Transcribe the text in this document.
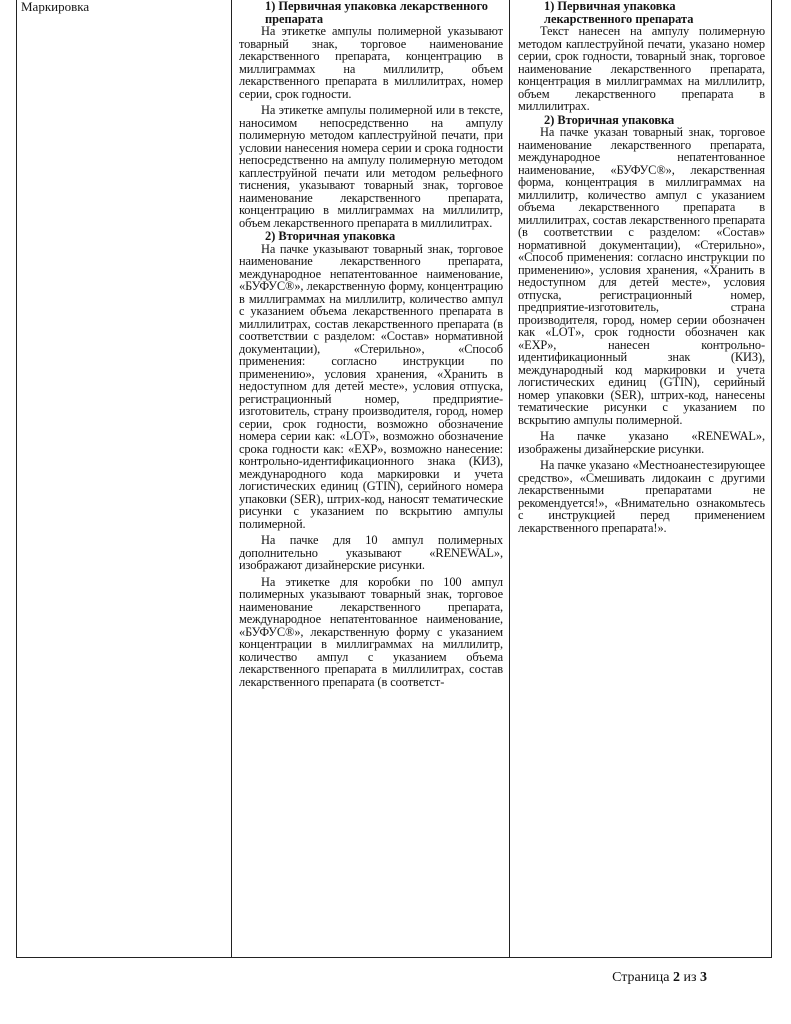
Маркировка	1) Первичная упаковка лекарственного препарата

На этикетке ампулы полимерной указывают товарный знак, торговое наименование лекарственного препарата, концентрацию в миллиграммах на миллилитр, объем лекарственного препарата в миллилитрах, номер серии, срок годности.

На этикетке ампулы полимерной или в тексте, наносимом непосредственно на ампулу полимерную методом каплеструйной печати, при условии нанесения номера серии и срока годности непосредственно на ампулу полимерную методом каплеструйной печати или методом рельефного тиснения, указывают товарный знак, торговое наименование лекарственного препарата, концентрацию в миллиграммах на миллилитр, объем лекарственного препарата в миллилитрах.

2) Вторичная упаковка

На пачке указывают товарный знак, торговое наименование лекарственного препарата, международное непатентованное наименование, «БУФУС®», лекарственную форму, концентрацию в миллиграммах на миллилитр, количество ампул с указанием объема лекарственного препарата в миллилитрах, состав лекарственного препарата (в соответствии с разделом: «Состав» нормативной документации), «Стерильно», «Способ применения: согласно инструкции по применению», условия хранения, «Хранить в недоступном для детей месте», условия отпуска, регистрационный номер, предприятие-изготовитель, страну производителя, город, номер серии, срок годности, возможно обозначение номера серии как: «LOT», возможно обозначение срока годности как: «EXP», возможно нанесение: контрольно-идентификационного знака (КИЗ), международного кода маркировки и учета логистических единиц (GTIN), серийного номера упаковки (SER), штрих-код, наносят тематические рисунки с указанием по вскрытию ампулы полимерной.

На пачке для 10 ампул полимерных дополнительно указывают «RENEWAL», изображают дизайнерские рисунки.

На этикетке для коробки по 100 ампул полимерных указывают товарный знак, торговое наименование лекарственного препарата, международное непатентованное наименование, «БУФУС®», лекарственную форму с указанием концентрации в миллиграммах на миллилитр, количество ампул с указанием объема лекарственного препарата в миллилитрах, состав лекарственного препарата (в соответст-

1) Первичная упаковка лекарственного препарата

Текст нанесен на ампулу полимерную методом каплеструйной печати, указано номер серии, срок годности, товарный знак, торговое наименование лекарственного препарата, концентрация в миллиграммах на миллилитр, объем лекарственного препарата в миллилитрах.

2) Вторичная упаковка

На пачке указан товарный знак, торговое наименование лекарственного препарата, международное непатентованное наименование, «БУФУС®», лекарственная форма, концентрация в миллиграммах на миллилитр, количество ампул с указанием объема лекарственного препарата в миллилитрах, состав лекарственного препарата (в соответствии с разделом: «Состав» нормативной документации), «Стерильно», «Способ применения: согласно инструкции по применению», условия хранения, «Хранить в недоступном для детей месте», условия отпуска, регистрационный номер, предприятие-изготовитель, страна производителя, город, номер серии обозначен как «LOT», срок годности обозначен как «EXP», нанесен контрольно-идентификационный знак (КИЗ), международный код маркировки и учета логистических единиц (GTIN), серийный номер упаковки (SER), штрих-код, нанесены тематические рисунки с указанием по вскрытию ампулы полимерной.

На пачке указано «RENEWAL», изображены дизайнерские рисунки.

На пачке указано «Местноанестезирующее средство», «Смешивать лидокаин с другими лекарственными препаратами не рекомендуется!», «Внимательно ознакомьтесь с инструкцией перед применением лекарственного препарата!».

Страница 2 из 3
